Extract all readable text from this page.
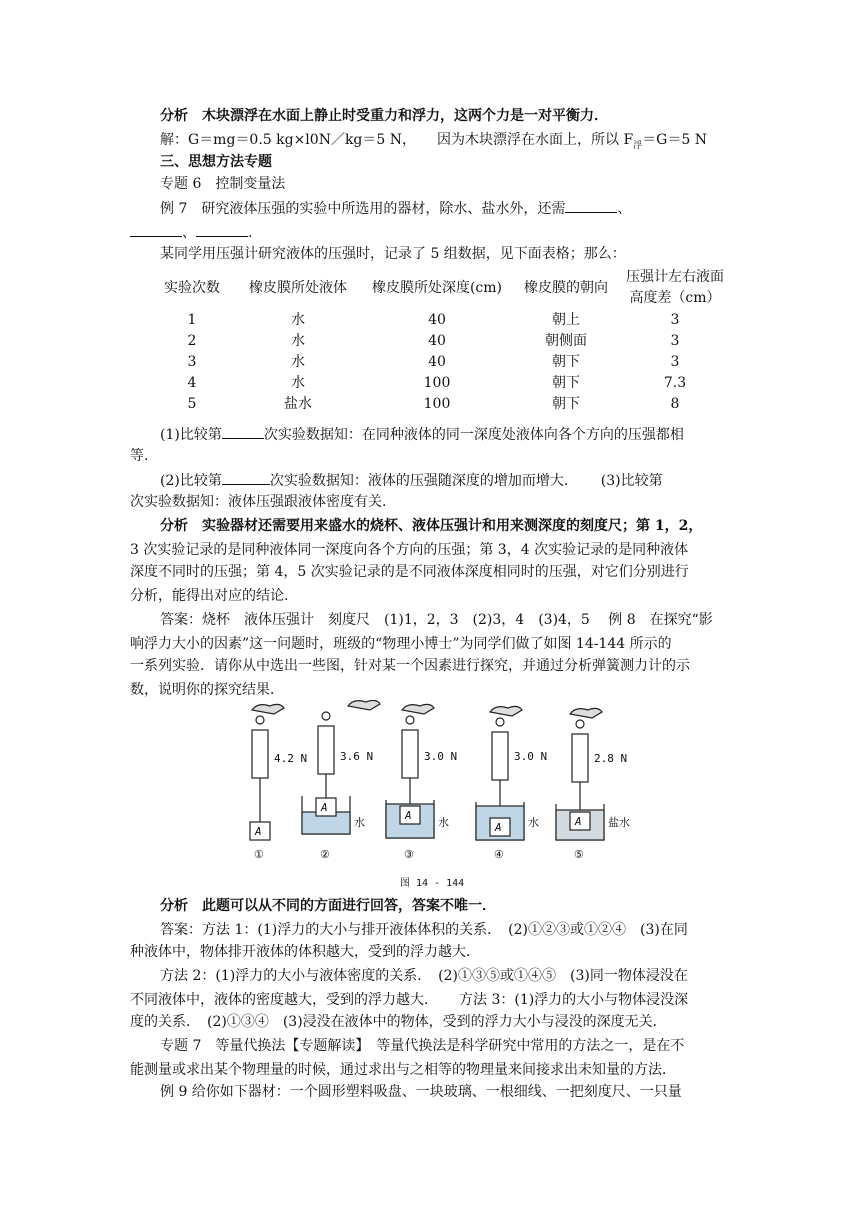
分析　木块漂浮在水面上静止时受重力和浮力，这两个力是一对平衡力．
解：G＝mg＝0.5 kg×l0N／kg＝5 N，　　因为木块漂浮在水面上，所以 $F_浮=G=5$ N
三、思想方法专题
专题 6　控制变量法
例 7　研究液体压强的实验中所选用的器材，除水、盐水外，还需	、
、	.
某同学用压强计研究液体的压强时，记录了 5 组数据，见下面表格；那么：
实验次数	橡皮膜所处液体	橡皮膜所处深度(cm)	橡皮膜的朝向	压强计左右液面
高度差（cm）

1	水	40	朝上	3
2	水	40	朝侧面	3
3	水	40	朝下	3
4	水	100	朝下	7.3
5	盐水	100	朝下	8
(1)比较第	次实验数据知：在同种液体的同一深度处液体向各个方向的压强都相
等.
(2)比较第	次实验数据知：液体的压强随深度的增加而增大.　　 (3)比较第
次实验数据知：液体压强跟液体密度有关.
分析　实验器材还需要用来盛水的烧杯、液体压强计和用来测深度的刻度尺；第 1，2，
3 次实验记录的是同种液体同一深度向各个方向的压强；第 3，4 次实验记录的是同种液体
深度不同时的压强；第 4，5 次实验记录的是不同液体深度相同时的压强，对它们分别进行
分析，能得出对应的结论.
答案：烧杯　液体压强计　刻度尺　(1)1，2，3　(2)3，4　(3)4，5　 例 8　在探究“影
响浮力大小的因素”这一问题时，班级的“物理小博士”为同学们做了如图 14-144 所示的
一系列实验．请你从中选出一些图，针对某一个因素进行探究，并通过分析弹簧测力计的示
数，说明你的探究结果．
4.2 N	3.6 N	3.0 N	3.0 N	2.8 N
A
A
A
A	A
水	水	水	盐水
①	②	③	④	⑤
图 14 - 144
分析　此题可以从不同的方面进行回答，答案不唯一．
答案：方法 1：(1)浮力的大小与排开液体体积的关系．　(2)①②③或①②④　(3)在同
种液体中，物体排开液体的体积越大，受到的浮力越大．
方法 2：(1)浮力的大小与液体密度的关系．　(2)①③⑤或①④⑤　(3)同一物体浸没在
不同液体中，液体的密度越大，受到的浮力越大．　　方法 3：(1)浮力的大小与物体浸没深
度的关系．　(2)①③④　(3)浸没在液体中的物体，受到的浮力大小与浸没的深度无关．
专题 7　等量代换法【专题解读】　等量代换法是科学研究中常用的方法之一，是在不
能测量或求出某个物理量的时候，通过求出与之相等的物理量来间接求出未知量的方法．
例 9 给你如下器材：一个圆形塑料吸盘、一块玻璃、一根细线、一把刻度尺、一只量
